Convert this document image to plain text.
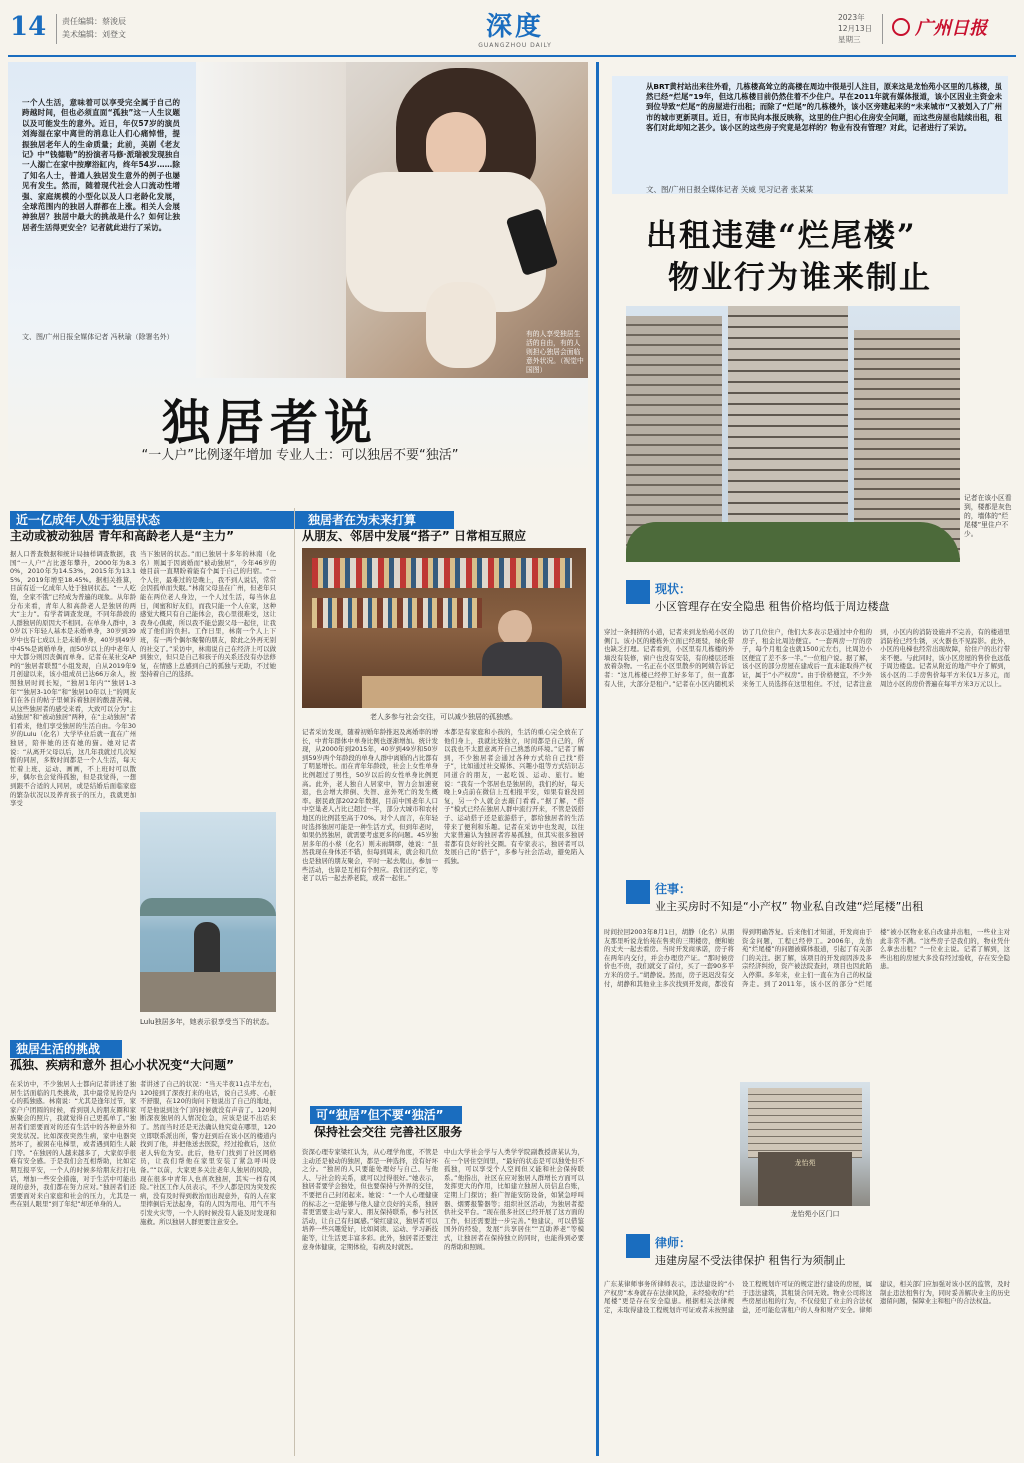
14 责任编辑：蔡浚辰
美术编辑：刘登文	深度
GUANGZHOU DAILY
2023年
12月13日
星期三
广州日报
一个人生活，意味着可以享受完全属于自己的跨越时间，但也必须直面“孤独”这一人生议题以及可能发生的意外。近日，年仅57岁的演员刘海湿在家中离世的消息让人们心痛悼惜，提振独居老年人的生命质量；此前，美剧《老友记》中“钱德勒”的扮演者马修·派瑞被发现独自一人溺亡在家中按摩浴缸内，终年54岁……除了知名人士，普通人独居发生意外的例子也屡见有发生。然而，随着现代社会人口流动性增强、家庭规模的小型化以及人口老龄化发展，全球范围内的独居人群都在上涨。相关人会展神独居？独居中最大的挑战是什么？如何让独居者生活得更安全？记者就此进行了采访。
文、图/广州日报全媒体记者 冯秋瑜（除署名外）	有的人享受独居生活的自由，有的人则担心独居会面临意外状况。（视觉中国图）
独居者说
“一人户”比例逐年增加 专业人士：可以独居不要“独活”
近一亿成年人处于独居状态
主动或被动独居 青年和高龄老人是“主力”
据人口普查数据和统计局抽样调查数据，我国“一人户”占比逐年攀升，2000年为8.30%，2010年为14.53%，2015年为13.15%，2019年增至18.45%。据相关推算，目前有近一亿成年人处于独居状态。“一人吃饱，全家不饿”已经成为普遍的现象。从年龄分布来看，青年人和高龄老人是独居的两大“主力”。有学者调查发现，不同年龄段的人群独居的原因大不相同。在单身人群中，30岁以下年轻人基本是未婚单身，30岁到39岁中也有七成以上是未婚单身，40岁到49岁中45%是离婚单身，而50岁以上的中老年人中大都分则因丧偶而单身。记者在某社交APP的“独居者联盟”小组发现，自从2019年9月创建以来，该小组成员已达66万余人，按照独居时间长短，“独居1年内”“独居1-3年”“独居3-10年”和“独居10年以上”的网友们在各自的帖子里倾诉着独居的酸甜苦辣。从这些独居者的感受来看，大致可以分为“主动独居”和“被动独居”两种，在“主动独居”者们看来，他们享受独居的生活自由。今年30岁的Lulu（化名）大学毕业后就一直在广州独居，陪伴她的还有她的猫。她对记者说：“从离开父母以后，这几年我就过几次短暂的同居，多数时间都是一个人生活，每天忙着上班、运动、画画，不上班时可以散步，偶尔也会觉得孤独，但是我觉得，一想到跟不合适的人同居，或是结婚后面临家庭的繁杂状况以及养育孩子的压力，我就更加享受
当下独居的状态。”而已独居十多年的林南（化名）则属于因离婚而“被动独居”，今年46岁的她目前一直期盼着能有个属于自己的归宿。“一个人住，最难过的是晚上，我不到人说话，常常会因孤单而失眠。”林南父母虽在广州，但老年只能在两位老人身边，一个人过生活，每当休息日，闺蜜和好友们，而我只能一个人在家，这种感觉大概只有自己能体会，我心里很难受，这让我身心俱疲，所以我不能总跟父母一起住，让我成了他们的负担。工作日里，林南一个人上下班，有一两个偶尔聚餐的朋友，除此之外再无别的社交了。”采访中，林南说自己在经济上可以做到独立，但只是自己和孩子的关系还没有办法修复，在情感上总感到自己的孤独与无助，不过她坚持着自己的选择。
Lulu独居多年，她表示很享受当下的状态。
独居生活的挑战
孤独、疾病和意外 担心小状况变“大问题”
在采访中，不少独居人士都向记者讲述了独居生活面临的几类挑战，其中最常见的是内心的孤独感。林南说：“尤其是逢年过节，家家户户团圆的时候，看到别人的朋友圈和家族聚会的照片，我就觉得自己更孤单了。”独居者们需要面对的还有生活中的各种意外和突发状况。比如深夜突然生病，家中电器突然坏了，被困在电梯里，或者遇到陌生人敲门等。“在独居的人越来越多了，大家似乎很难有安全感。于是我们会互相帮助，比如定期互报平安，一个人的时候多给朋友打打电话，增加一些安全措施，对于生活中可能出现的意外，我们都在努力应对。”独居者们还需要面对来自家庭和社会的压力，尤其是一些在别人眼里“到了年纪”却还单身的人。
者讲述了自己的状况：“当天半夜11点半左右，120接到了深夜打来的电话，说自己头疼、心脏不舒服，在120的询问下他说出了自己的地址，可是他说到这个门的时候就没有声音了。120判断深夜独居的人情况危急，应该是说不出话来了。然而当时还是无法确认他究竟在哪里，120立即联系派出所，警方赶到后在该小区的楼道内找到了他，并把他送去医院，经过抢救后，这位老人转危为安。此后，他专门找到了社区网格员，让我们帮他在家里安装了紧急呼叫设备。”“以前，大家更多关注老年人独居的风险，现在很多中青年人也喜欢独居，其实一样有风险。”社区工作人员表示，不少人都是因为突发疾病，没有及时得到救治而出现意外，有的人在家里摔倒后无法起身，有的人因为用电、用气不当引发火灾等，一个人的时候没有人能及时发现和施救。所以独居人群更要注意安全。
独居者在为未来打算
从朋友、邻居中发展“搭子” 日常相互照应
老人多参与社会交往，可以减少独居的孤独感。
记者采访发现，随着初婚年龄推迟及离婚率的增长，中青年群体中单身比例也逐渐增加。统计发现，从2000年到2015年，40岁到49岁和50岁到59岁两个年龄段的单身人群中离婚的占比都有了明显增长。而在青年年龄段，社会上女性单身比例超过了男性，50岁以后的女性单身比例更高。此外，老人独自人居家中，智力会加速衰退，也会增大摔倒、失智、意外死亡的发生概率。据民政部2022年数据，目前中国老年人口中空巢老人占比已超过一半，部分大城市和农村地区的比例甚至高于70%。对个人而言，在年轻时选择独居可能是一种生活方式，但到年老时，如果仍然独居，就需要考虑更多的问题。45岁独居多年的小蔡（化名）则未雨绸缪，她说：“虽然我现在身体还不错，但每到周末，就会和几位也是独居的朋友聚会，平时一起去爬山，参加一些活动，也算是互相有个照应。我们还约定，等老了以后一起去养老院，或者一起住。”
本都是有家庭和小孩的，生活的重心完全放在了他们身上，我就比较独立，时间都是自己的，所以我也不太愿意离开自己熟悉的环境。”记者了解到，不少独居者会通过各种方式给自己找“搭子”，比如通过社交媒体、兴趣小组等方式结识志同道合的朋友，一起吃饭、运动、旅行。她说：“我有一个邻居也是独居的，我们约好，每天晚上9点前在微信上互相报平安，如果有谁没回复，另一个人就会去敲门看看。”据了解，“搭子”模式已经在独居人群中流行开来，不管是饭搭子、运动搭子还是旅游搭子，都给独居者的生活带来了便利和乐趣。记者在采访中也发现，以往大家普遍认为独居者容易孤独，但其实很多独居者都有良好的社交圈。有专家表示，独居者可以发展自己的“搭子”，多参与社会活动，避免陷入孤独。
可“独居”但不要“独活”
保持社会交往 完善社区服务
资深心理专家梁红认为，从心理学角度，不管是主动还是被动的独居，都是一种选择，没有好坏之分。“独居的人只要能处理好与自己、与他人、与社会的关系，就可以过得很好。”她表示，独居者要学会独处，但也要保持与外界的交往，不要把自己封闭起来。她说：“一个人心理健康的标志之一是能够与他人建立良好的关系，独居者更需要主动与家人、朋友保持联系，参与社区活动，让自己有归属感。”梁红建议，独居者可以培养一些兴趣爱好，比如阅读、运动、学习新技能等，让生活更丰富多彩。此外，独居者还要注意身体健康，定期体检，有病及时就医。
中山大学社会学与人类学学院副教授唐某认为，在一个居住空间里，“最好的状态是可以独处但不孤独，可以享受个人空间但又能和社会保持联系。”他指出，社区在应对独居人群增长方面可以发挥更大的作用，比如建立独居人员信息台账，定期上门探访；推广智能安防设备，如紧急呼叫器、烟雾报警器等；组织社区活动，为独居者提供社交平台。“现在很多社区已经开展了这方面的工作，但还需要进一步完善。”他建议，可以借鉴国外的经验，发展“共享居住”“互助养老”等模式，让独居者在保持独立的同时，也能得到必要的帮助和照顾。
从BRT黄村站出来往外看，几栋楼高耸立的高楼在周边中很是引人注目，原来这是龙怡苑小区里的几栋楼，虽然已经“烂尾”19年，但这几栋楼目前仍然住着不少住户。早在2011年就有媒体报道，该小区因业主资金未到位导致“烂尾”的房屋进行出租；而除了“烂尾”的几栋楼外，该小区旁建起来的“未来城市”又被划入了广州市的城市更新项目。近日，有市民向本报反映称，这里的住户担心住房安全问题，而这些房屋也陆续出租，租客们对此却知之甚少。该小区的这些房子究竟是怎样的？物业有没有管理？对此，记者进行了采访。
文、图/广州日报全媒体记者 关威 见习记者 张某某
出租违建“烂尾楼”
物业行为谁来制止
记者在该小区看到，楼都是灰色的，墙体的“烂尾楼”里住户不少。
现状：
小区管理存在安全隐患 租售价格均低于周边楼盘
穿过一条拥挤的小道，记者来到龙怡苑小区的侧门。该小区的楼栋外立面已经斑驳，绿化带也缺乏打理。记者看到，小区里有几栋楼的外墙没有装修，窗户也没有安装，有的楼层还堆放着杂物。一名正在小区里散步的阿姨告诉记者：“这几栋楼已经停工好多年了，但一直都有人住，大部分是租户。”记者在小区内随机采访了几位住户，他们大多表示是通过中介租的房子，租金比周边便宜。“一套两房一厅的房子，每个月租金也就1500元左右，比周边小区便宜了差不多一半。”一位租户说。据了解，该小区的部分房屋在建成后一直未能取得产权证，属于“小产权房”。由于价格便宜，不少外来务工人员选择在这里租住。不过，记者注意到，小区内的消防设施并不完善，有的楼道里消防栓已经生锈，灭火器也不见踪影。此外，小区的电梯也经常出现故障，给住户的出行带来不便。与此同时，该小区房屋的售价也远低于周边楼盘。记者从附近的地产中介了解到，该小区的二手房售价每平方米仅1万多元，而周边小区的房价普遍在每平方米3万元以上。
往事：
业主买房时不知是“小产权” 物业私自改建“烂尾楼”出租
时间拉回2003年8月1日，胡静（化名）从朋友那里听说龙怡苑在售卖的三期楼房，便和她的丈夫一起去看房。当时开发商承诺，房子将在两年内交付，并会办理房产证。“那时候房价也不贵，我们就交了首付，买了一套90多平方米的房子。”胡静说。然而，房子迟迟没有交付，胡静和其他业主多次找到开发商，都没有得到明确答复。后来他们才知道，开发商由于资金问题，工程已经停工。2006年，龙怡苑“烂尾楼”的问题被媒体报道，引起了有关部门的关注。据了解，该项目的开发商因涉及多宗经济纠纷，资产被法院查封，项目也因此陷入停滞。多年来，业主们一直在为自己的权益奔走。到了2011年，该小区的部分“烂尾楼”被小区物业私自改建并出租，一些业主对此非常不满。“这些房子是我们的，物业凭什么拿去出租？”一位业主说。记者了解到，这些出租的房屋大多没有经过验收，存在安全隐患。
龙怡苑
龙怡苑小区门口
律师：
违建房屋不受法律保护 租售行为须制止
广东某律师事务所律师表示，违法建设的“小产权房”本身就存在法律风险，未经验收的“烂尾楼”更是存在安全隐患。根据相关法律规定，未取得建设工程规划许可证或者未按照建设工程规划许可证的规定进行建设的房屋，属于违法建筑，其租赁合同无效。物业公司将这些房屋出租的行为，不仅侵犯了业主的合法权益，还可能危害租户的人身和财产安全。律师建议，相关部门应加强对该小区的监管，及时制止违法租售行为，同时妥善解决业主的历史遗留问题，保障业主和租户的合法权益。
